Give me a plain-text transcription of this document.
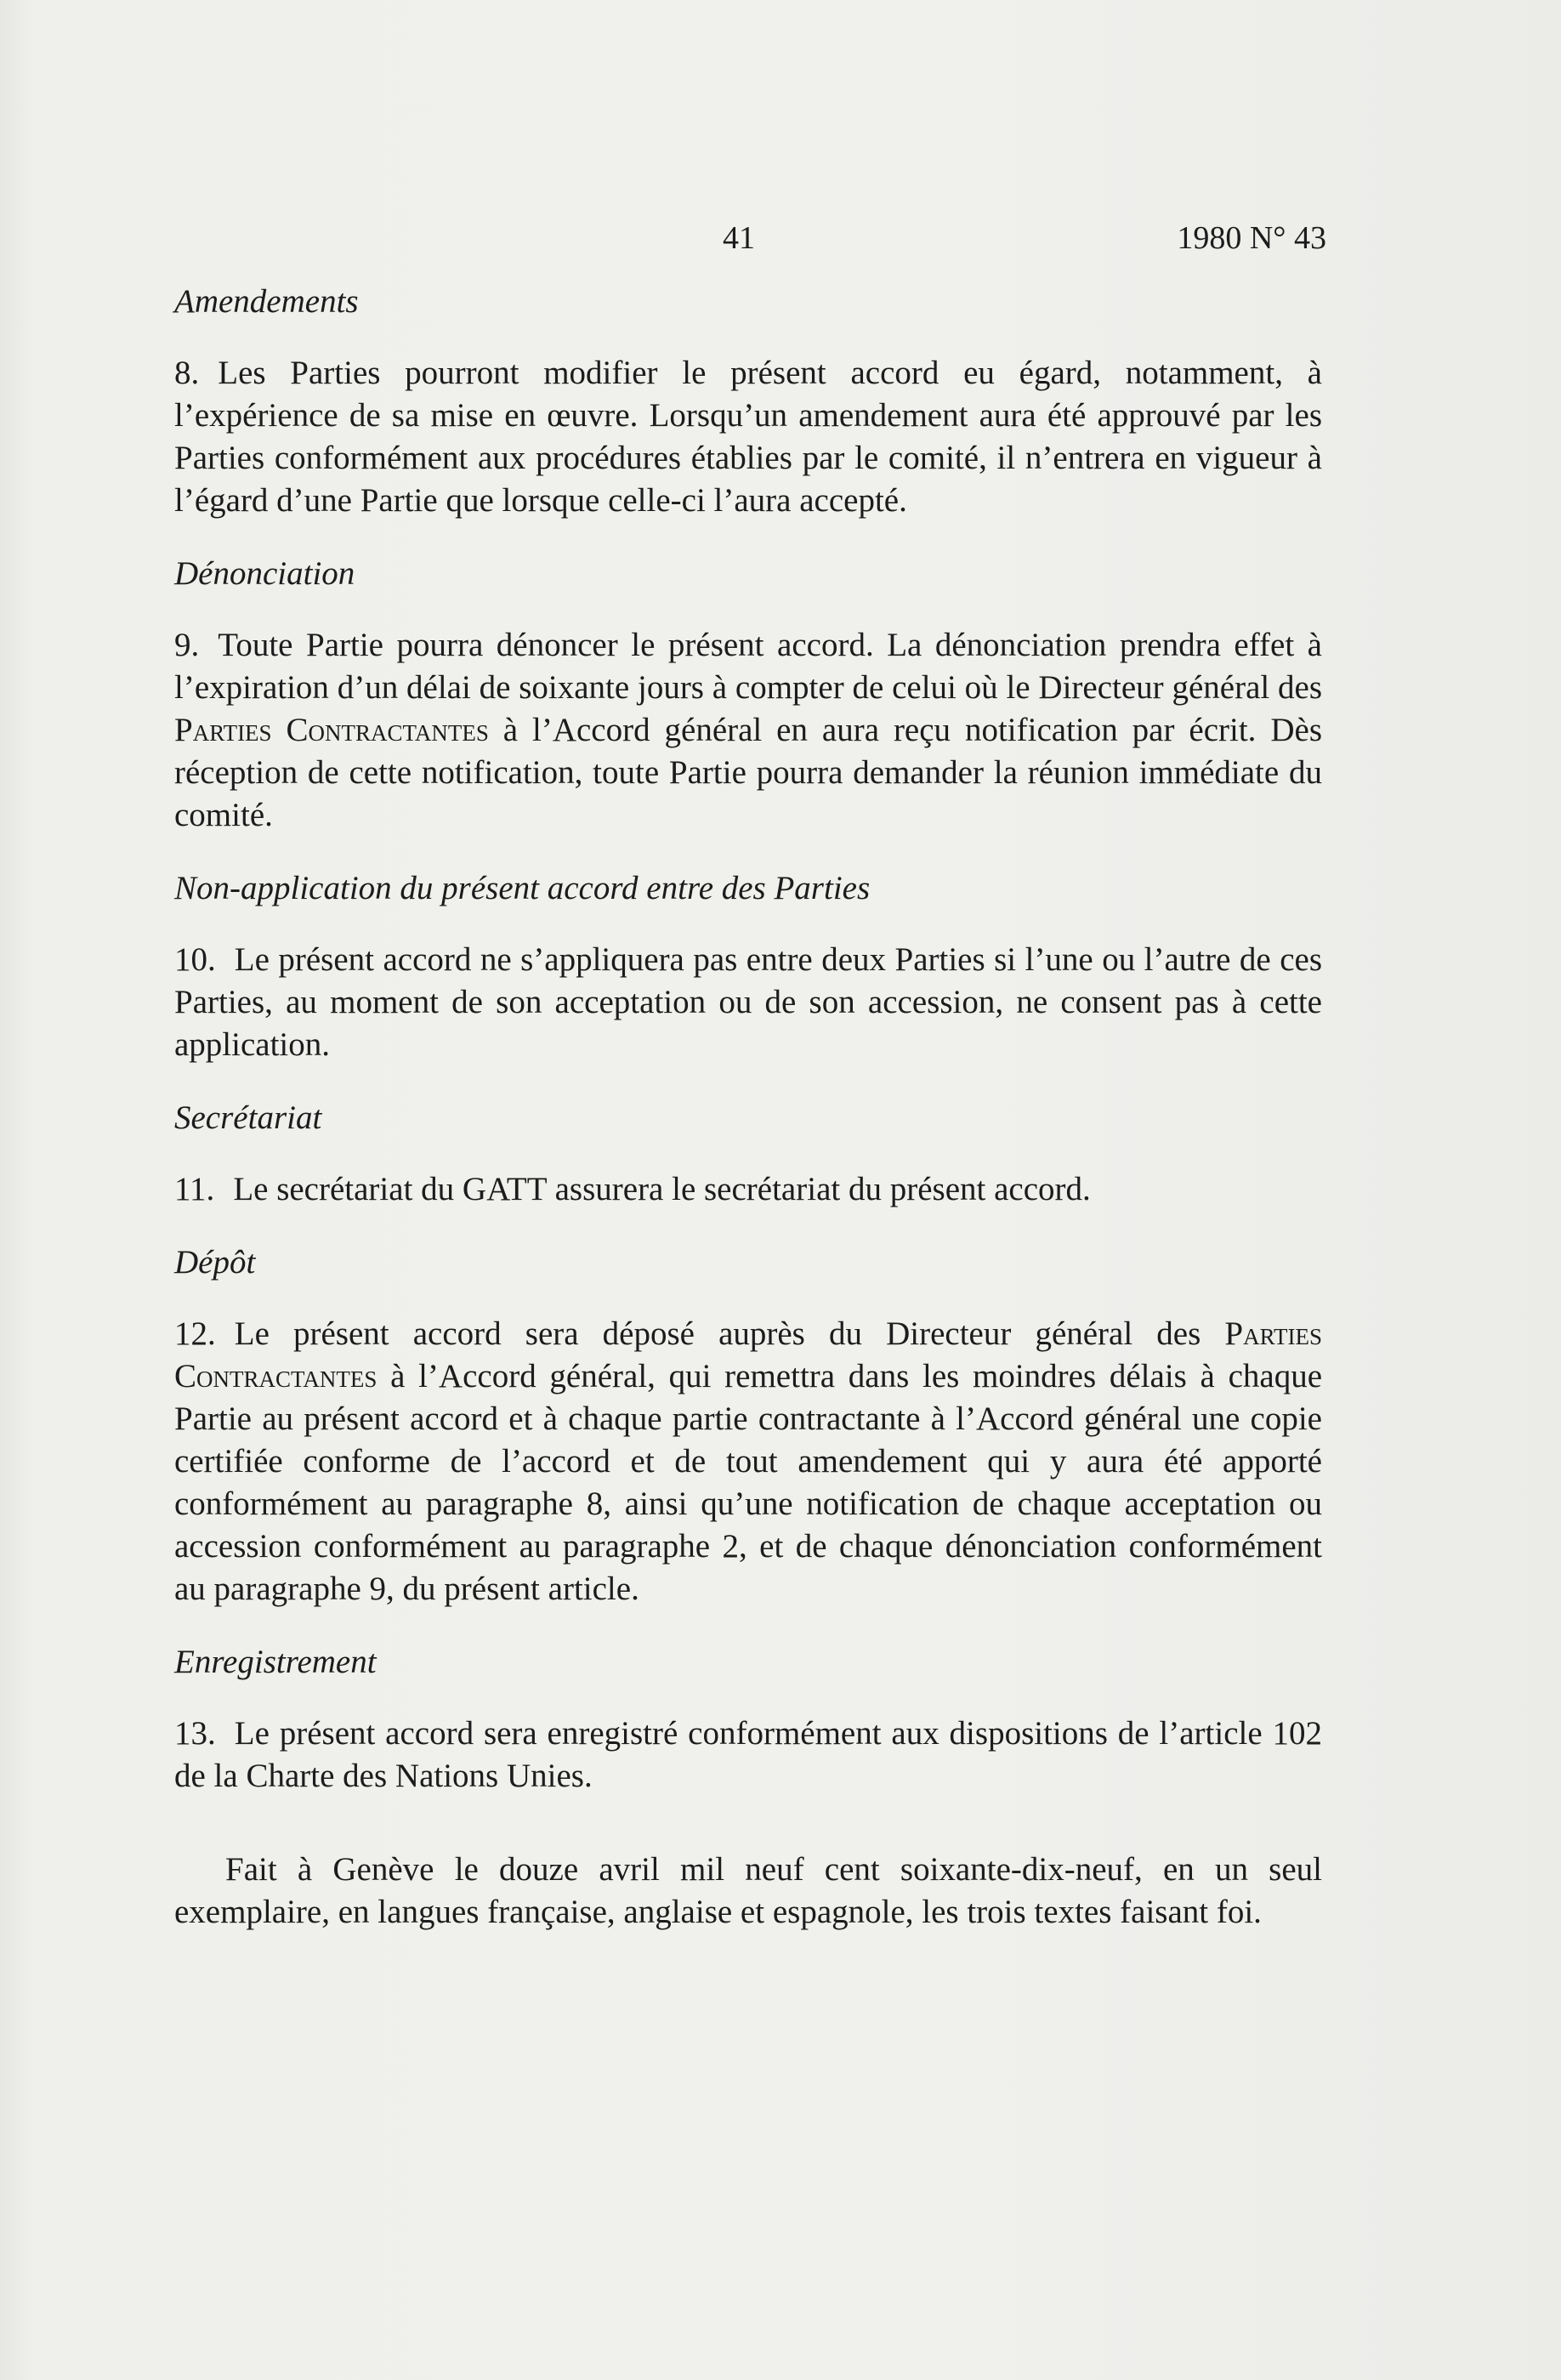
41	1980 N° 43

Amendements

8. Les Parties pourront modifier le présent accord eu égard, notamment, à l’expérience de sa mise en œuvre. Lorsqu’un amendement aura été approuvé par les Parties conformément aux procédures établies par le comité, il n’entrera en vigueur à l’égard d’une Partie que lorsque celle-ci l’aura accepté.

Dénonciation

9. Toute Partie pourra dénoncer le présent accord. La dénonciation prendra effet à l’expiration d’un délai de soixante jours à compter de celui où le Directeur général des Parties Contractantes à l’Accord général en aura reçu notification par écrit. Dès réception de cette notification, toute Partie pourra demander la réunion immédiate du comité.

Non-application du présent accord entre des Parties

10. Le présent accord ne s’appliquera pas entre deux Parties si l’une ou l’autre de ces Parties, au moment de son acceptation ou de son accession, ne consent pas à cette application.

Secrétariat

11. Le secrétariat du GATT assurera le secrétariat du présent accord.

Dépôt

12. Le présent accord sera déposé auprès du Directeur général des Parties Contractantes à l’Accord général, qui remettra dans les moindres délais à chaque Partie au présent accord et à chaque partie contractante à l’Accord général une copie certifiée conforme de l’accord et de tout amendement qui y aura été apporté conformément au paragraphe 8, ainsi qu’une notification de chaque acceptation ou accession conformément au paragraphe 2, et de chaque dénonciation conformément au paragraphe 9, du présent article.

Enregistrement

13. Le présent accord sera enregistré conformément aux dispositions de l’article 102 de la Charte des Nations Unies.

Fait à Genève le douze avril mil neuf cent soixante-dix-neuf, en un seul exemplaire, en langues française, anglaise et espagnole, les trois textes faisant foi.
